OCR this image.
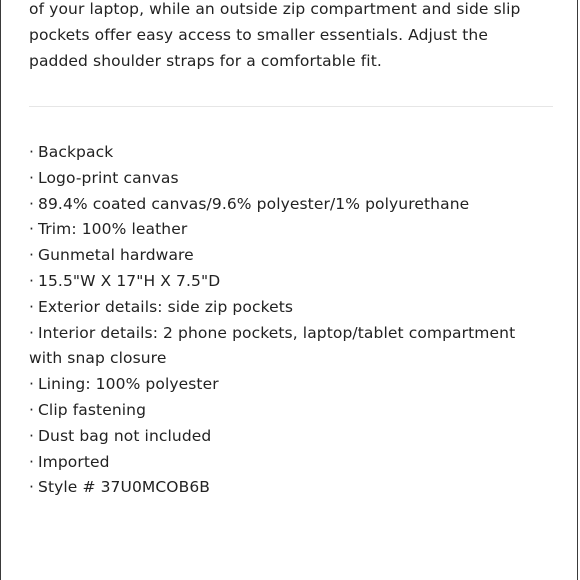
of your laptop, while an outside zip compartment and side slip
pockets offer easy access to smaller essentials. Adjust the
padded shoulder straps for a comfortable fit.
· Backpack
· Logo-print canvas
· 89.4% coated canvas/9.6% polyester/1% polyurethane
· Trim: 100% leather
· Gunmetal hardware
· 15.5"W X 17"H X 7.5"D
· Exterior details: side zip pockets
· Interior details: 2 phone pockets, laptop/tablet compartment
with snap closure
· Lining: 100% polyester
· Clip fastening
· Dust bag not included
· Imported
· Style # 37U0MCOB6B
